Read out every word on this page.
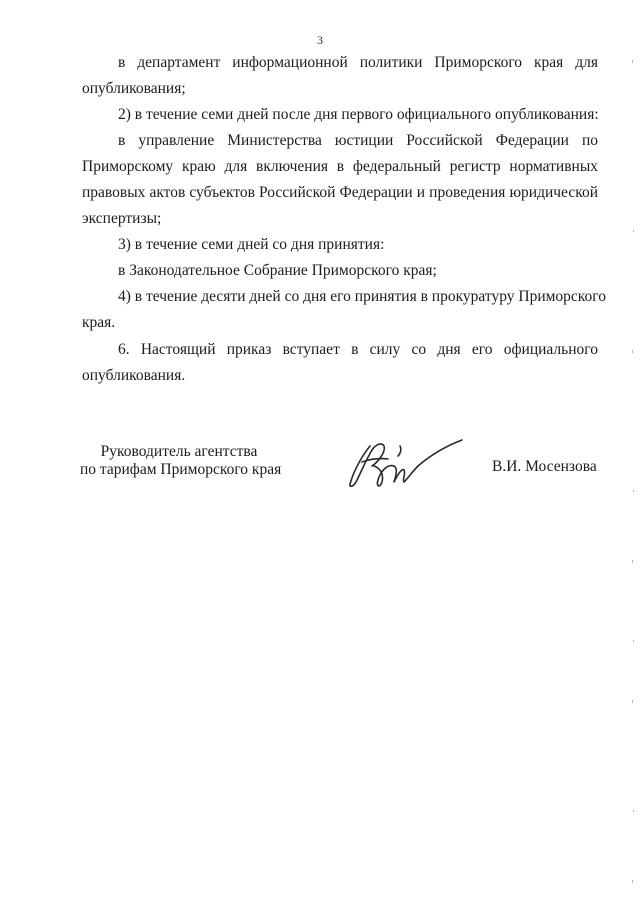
3
в департамент информационной политики Приморского края для
опубликования;
2) в течение семи дней после дня первого официального опубликования:
в управление Министерства юстиции Российской Федерации по
Приморскому краю для включения в федеральный регистр нормативных
правовых актов субъектов Российской Федерации и проведения юридической
экспертизы;
3) в течение семи дней со дня принятия:
в Законодательное Собрание Приморского края;
4) в течение десяти дней со дня его принятия в прокуратуру Приморского
края.
6. Настоящий приказ вступает в силу со дня его официального
опубликования.
Руководитель агентства
по тарифам Приморского края	В.И. Мосензова
